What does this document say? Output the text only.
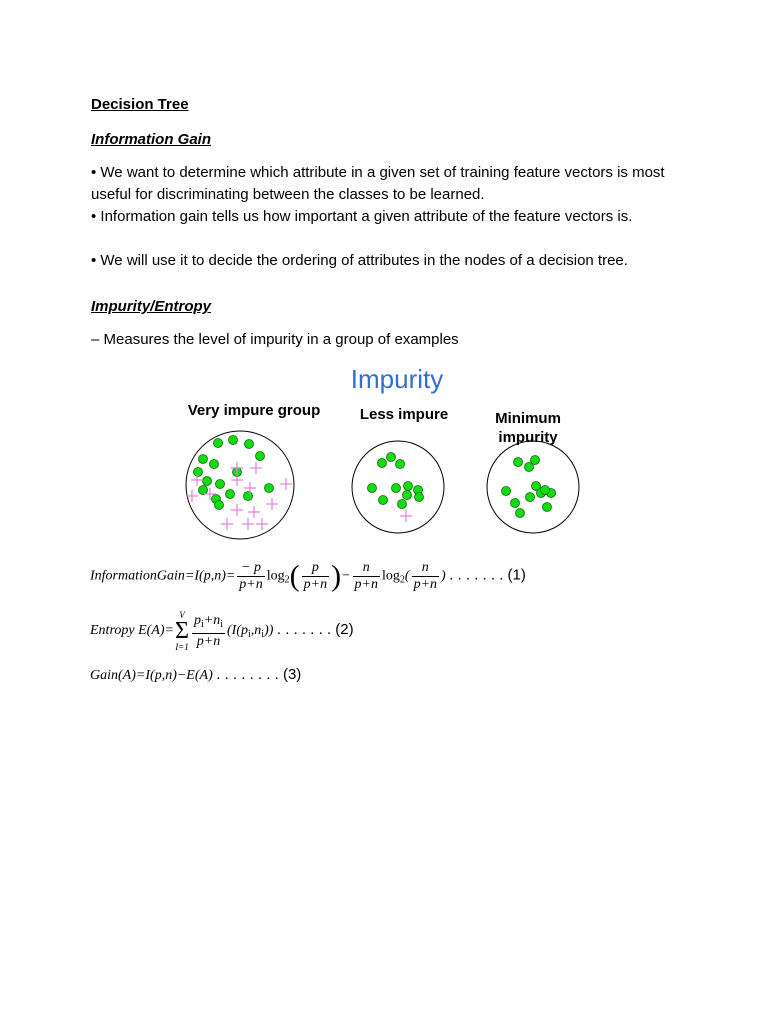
Decision Tree
Information Gain
• We want to determine which attribute in a given set of training feature vectors is most useful for discriminating between the classes to be learned.
• Information gain tells us how important a given attribute of the feature vectors is.
• We will use it to decide the ordering of attributes in the nodes of a decision tree.
Impurity/Entropy
– Measures the level of impurity in a group of examples
Impurity
Very impure group	Less impure	Minimum
impurity
InformationGain=I(p,n)= $\frac{- p}{p+n} \log_2( \frac{p}{p+n}$ )− $\frac{n}{p+n} \log_2( \frac{n}{p+n}$ ) . . . . . . . (1)
Entropy E(A)=
V
Σ
$I=1 \frac{p_i+n_i}{p+n} (I(p_i,n_i))$ . . . . . . . (2)
Gain(A)=I(p,n)−E(A) . . . . . . . . (3)
